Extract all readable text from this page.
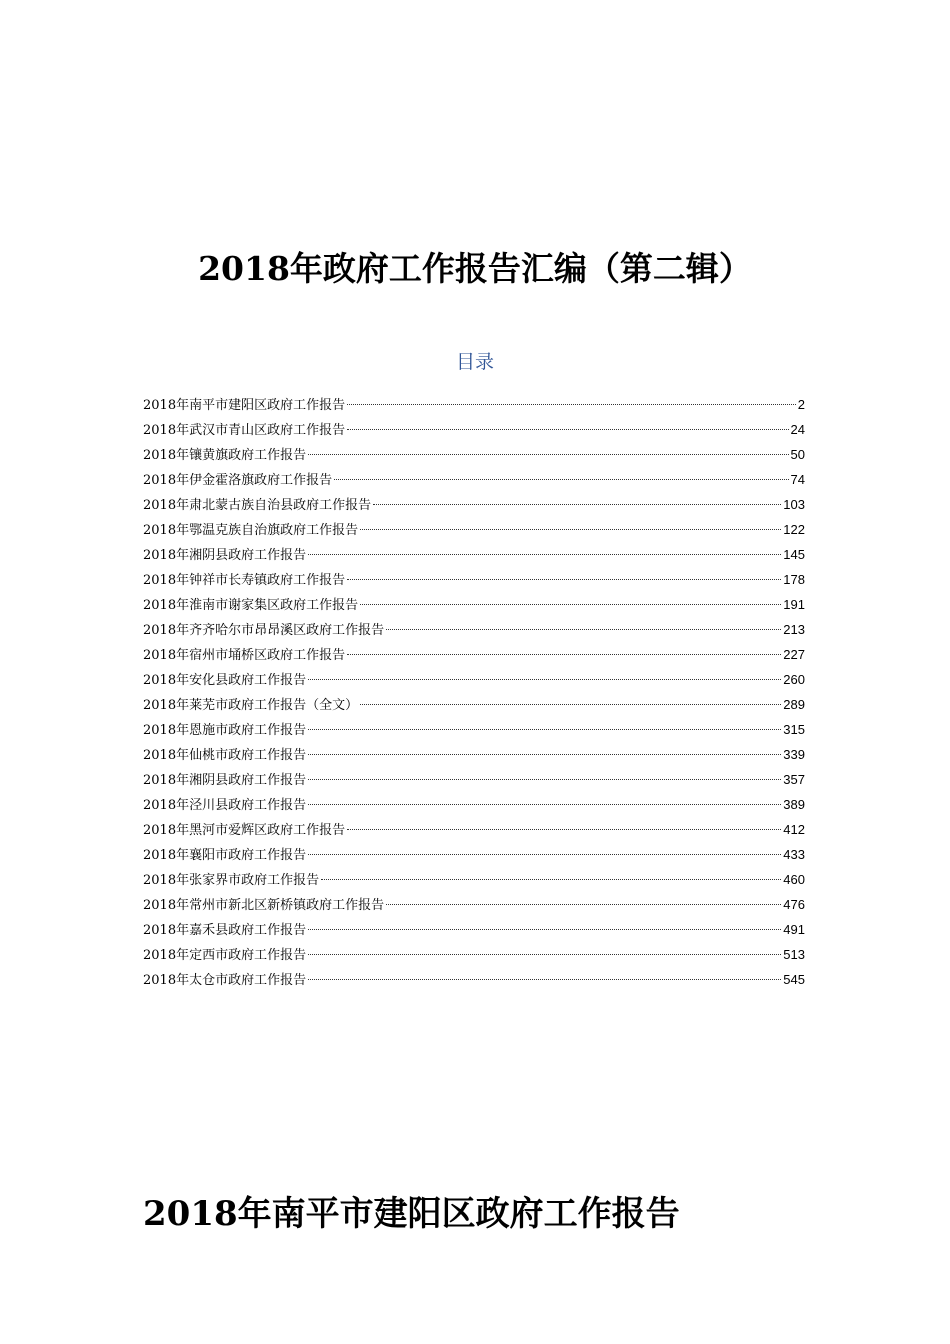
2018年政府工作报告汇编（第二辑）
目录
2018年南平市建阳区政府工作报告	2
2018年武汉市青山区政府工作报告	24
2018年镶黄旗政府工作报告	50
2018年伊金霍洛旗政府工作报告	74
2018年肃北蒙古族自治县政府工作报告	103
2018年鄂温克族自治旗政府工作报告	122
2018年湘阴县政府工作报告	145
2018年钟祥市长寿镇政府工作报告	178
2018年淮南市谢家集区政府工作报告	191
2018年齐齐哈尔市昂昂溪区政府工作报告	213
2018年宿州市埇桥区政府工作报告	227
2018年安化县政府工作报告	260
2018年莱芜市政府工作报告（全文）	289
2018年恩施市政府工作报告	315
2018年仙桃市政府工作报告	339
2018年湘阴县政府工作报告	357
2018年泾川县政府工作报告	389
2018年黑河市爱辉区政府工作报告	412
2018年襄阳市政府工作报告	433
2018年张家界市政府工作报告	460
2018年常州市新北区新桥镇政府工作报告	476
2018年嘉禾县政府工作报告	491
2018年定西市政府工作报告	513
2018年太仓市政府工作报告	545
2018年南平市建阳区政府工作报告
